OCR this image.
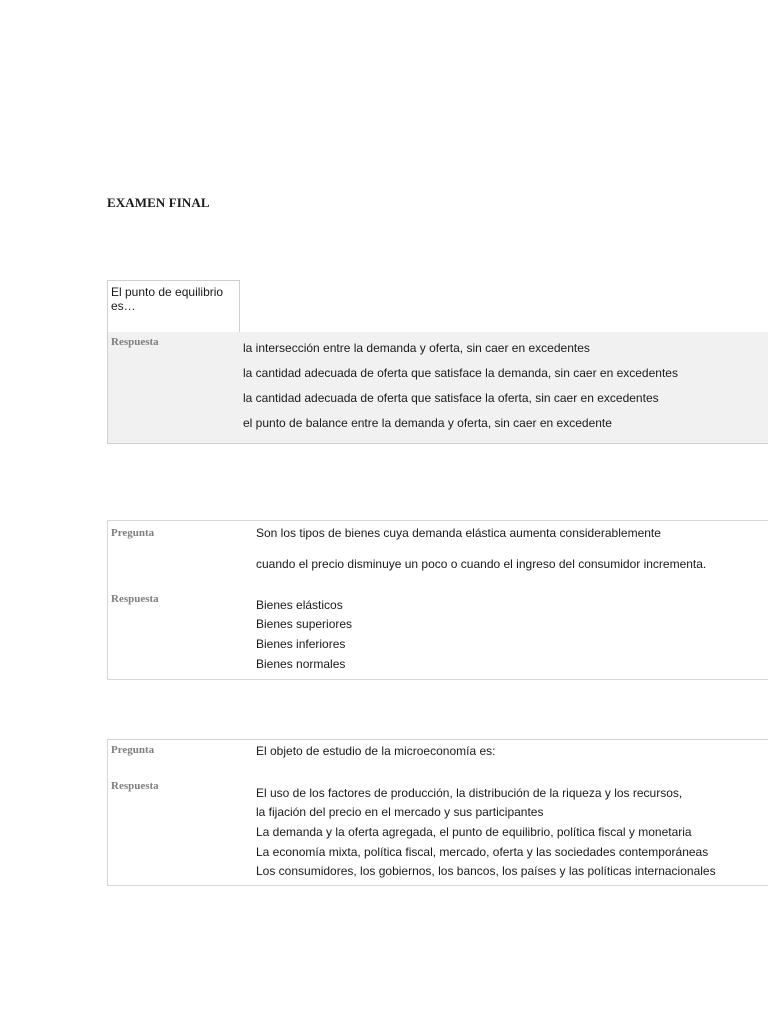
EXAMEN FINAL
El punto de equilibrio es…
Respuesta	la intersección entre la demanda y oferta, sin caer en excedentes
la cantidad adecuada de oferta que satisface la demanda, sin caer en excedentes
la cantidad adecuada de oferta que satisface la oferta, sin caer en excedentes
el punto de balance entre la demanda y oferta, sin caer en excedente
Pregunta	Son los tipos de bienes cuya demanda elástica aumenta considerablemente
cuando el precio disminuye un poco o cuando el ingreso del consumidor incrementa.
Respuesta	Bienes elásticos
Bienes superiores
Bienes inferiores
Bienes normales
Pregunta	El objeto de estudio de la microeconomía es:
Respuesta	El uso de los factores de producción, la distribución de la riqueza y los recursos,
la fijación del precio en el mercado y sus participantes
La demanda y la oferta agregada, el punto de equilibrio, política fiscal y monetaria
La economía mixta, política fiscal, mercado, oferta y las sociedades contemporáneas
Los consumidores, los gobiernos, los bancos, los países y las políticas internacionales
